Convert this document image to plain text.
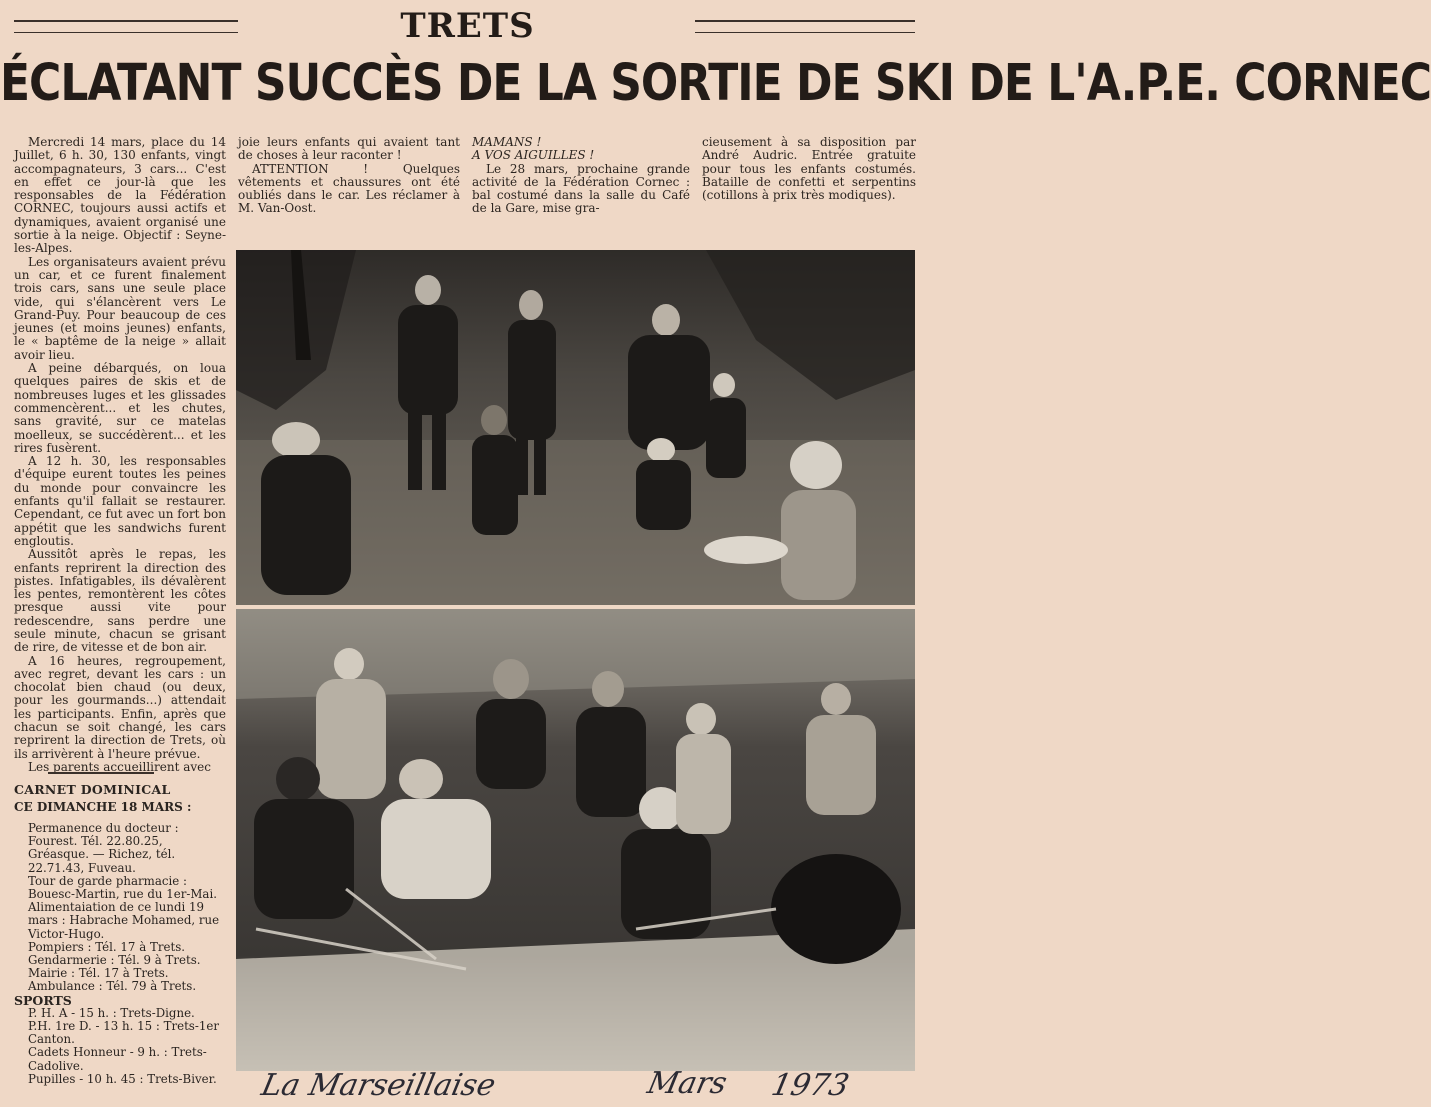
TRETS
ÉCLATANT SUCCÈS DE LA SORTIE DE SKI DE L'A.P.E. CORNEC

Mercredi 14 mars, place du 14 Juillet, 6 h. 30, 130 enfants, vingt accompagnateurs, 3 cars... C'est en effet ce jour-là que les responsables de la Fédération CORNEC, toujours aussi actifs et dynamiques, avaient organisé une sortie à la neige. Objectif : Seyne-les-Alpes.

Les organisateurs avaient prévu un car, et ce furent finalement trois cars, sans une seule place vide, qui s'élancèrent vers Le Grand-Puy. Pour beaucoup de ces jeunes (et moins jeunes) enfants, le « baptême de la neige » allait avoir lieu.

A peine débarqués, on loua quelques paires de skis et de nombreuses luges et les glissades commencèrent... et les chutes, sans gravité, sur ce matelas moelleux, se succédèrent... et les rires fusèrent.

A 12 h. 30, les responsables d'équipe eurent toutes les peines du monde pour convaincre les enfants qu'il fallait se restaurer. Cependant, ce fut avec un fort bon appétit que les sandwichs furent engloutis.

Aussitôt après le repas, les enfants reprirent la direction des pistes. Infatigables, ils dévalèrent les pentes, remontèrent les côtes presque aussi vite pour redescendre, sans perdre une seule minute, chacun se grisant de rire, de vitesse et de bon air.

A 16 heures, regroupement, avec regret, devant les cars : un chocolat bien chaud (ou deux, pour les gourmands...) attendait les participants. Enfin, après que chacun se soit changé, les cars reprirent la direction de Trets, où ils arrivèrent à l'heure prévue.

Les parents accueillirent avec

joie leurs enfants qui avaient tant de choses à leur raconter !

ATTENTION ! Quelques vêtements et chaussures ont été oubliés dans le car. Les réclamer à M. Van-Oost.

MAMANS !

A VOS AIGUILLES !

Le 28 mars, prochaine grande activité de la Fédération Cornec : bal costumé dans la salle du Café de la Gare, mise gra-

cieusement à sa disposition par André Audric. Entrée gratuite pour tous les enfants costumés. Bataille de confetti et serpentins (cotillons à prix très modiques).

CARNET DOMINICAL
CE DIMANCHE 18 MARS :

Permanence du docteur : Fourest. Tél. 22.80.25, Gréasque. — Richez, tél. 22.71.43, Fuveau.

Tour de garde pharmacie : Bouesc-Martin, rue du 1er-Mai.

Alimentaiation de ce lundi 19 mars : Habrache Mohamed, rue Victor-Hugo.

Pompiers : Tél. 17 à Trets.

Gendarmerie : Tél. 9 à Trets.

Mairie : Tél. 17 à Trets.

Ambulance : Tél. 79 à Trets.

SPORTS

P. H. A - 15 h. : Trets-Digne.

P.H. 1re D. - 13 h. 15 : Trets-1er Canton.

Cadets Honneur - 9 h. : Trets-Cadolive.

Pupilles - 10 h. 45 : Trets-Biver.	La Marseillaise	Mars 1973
